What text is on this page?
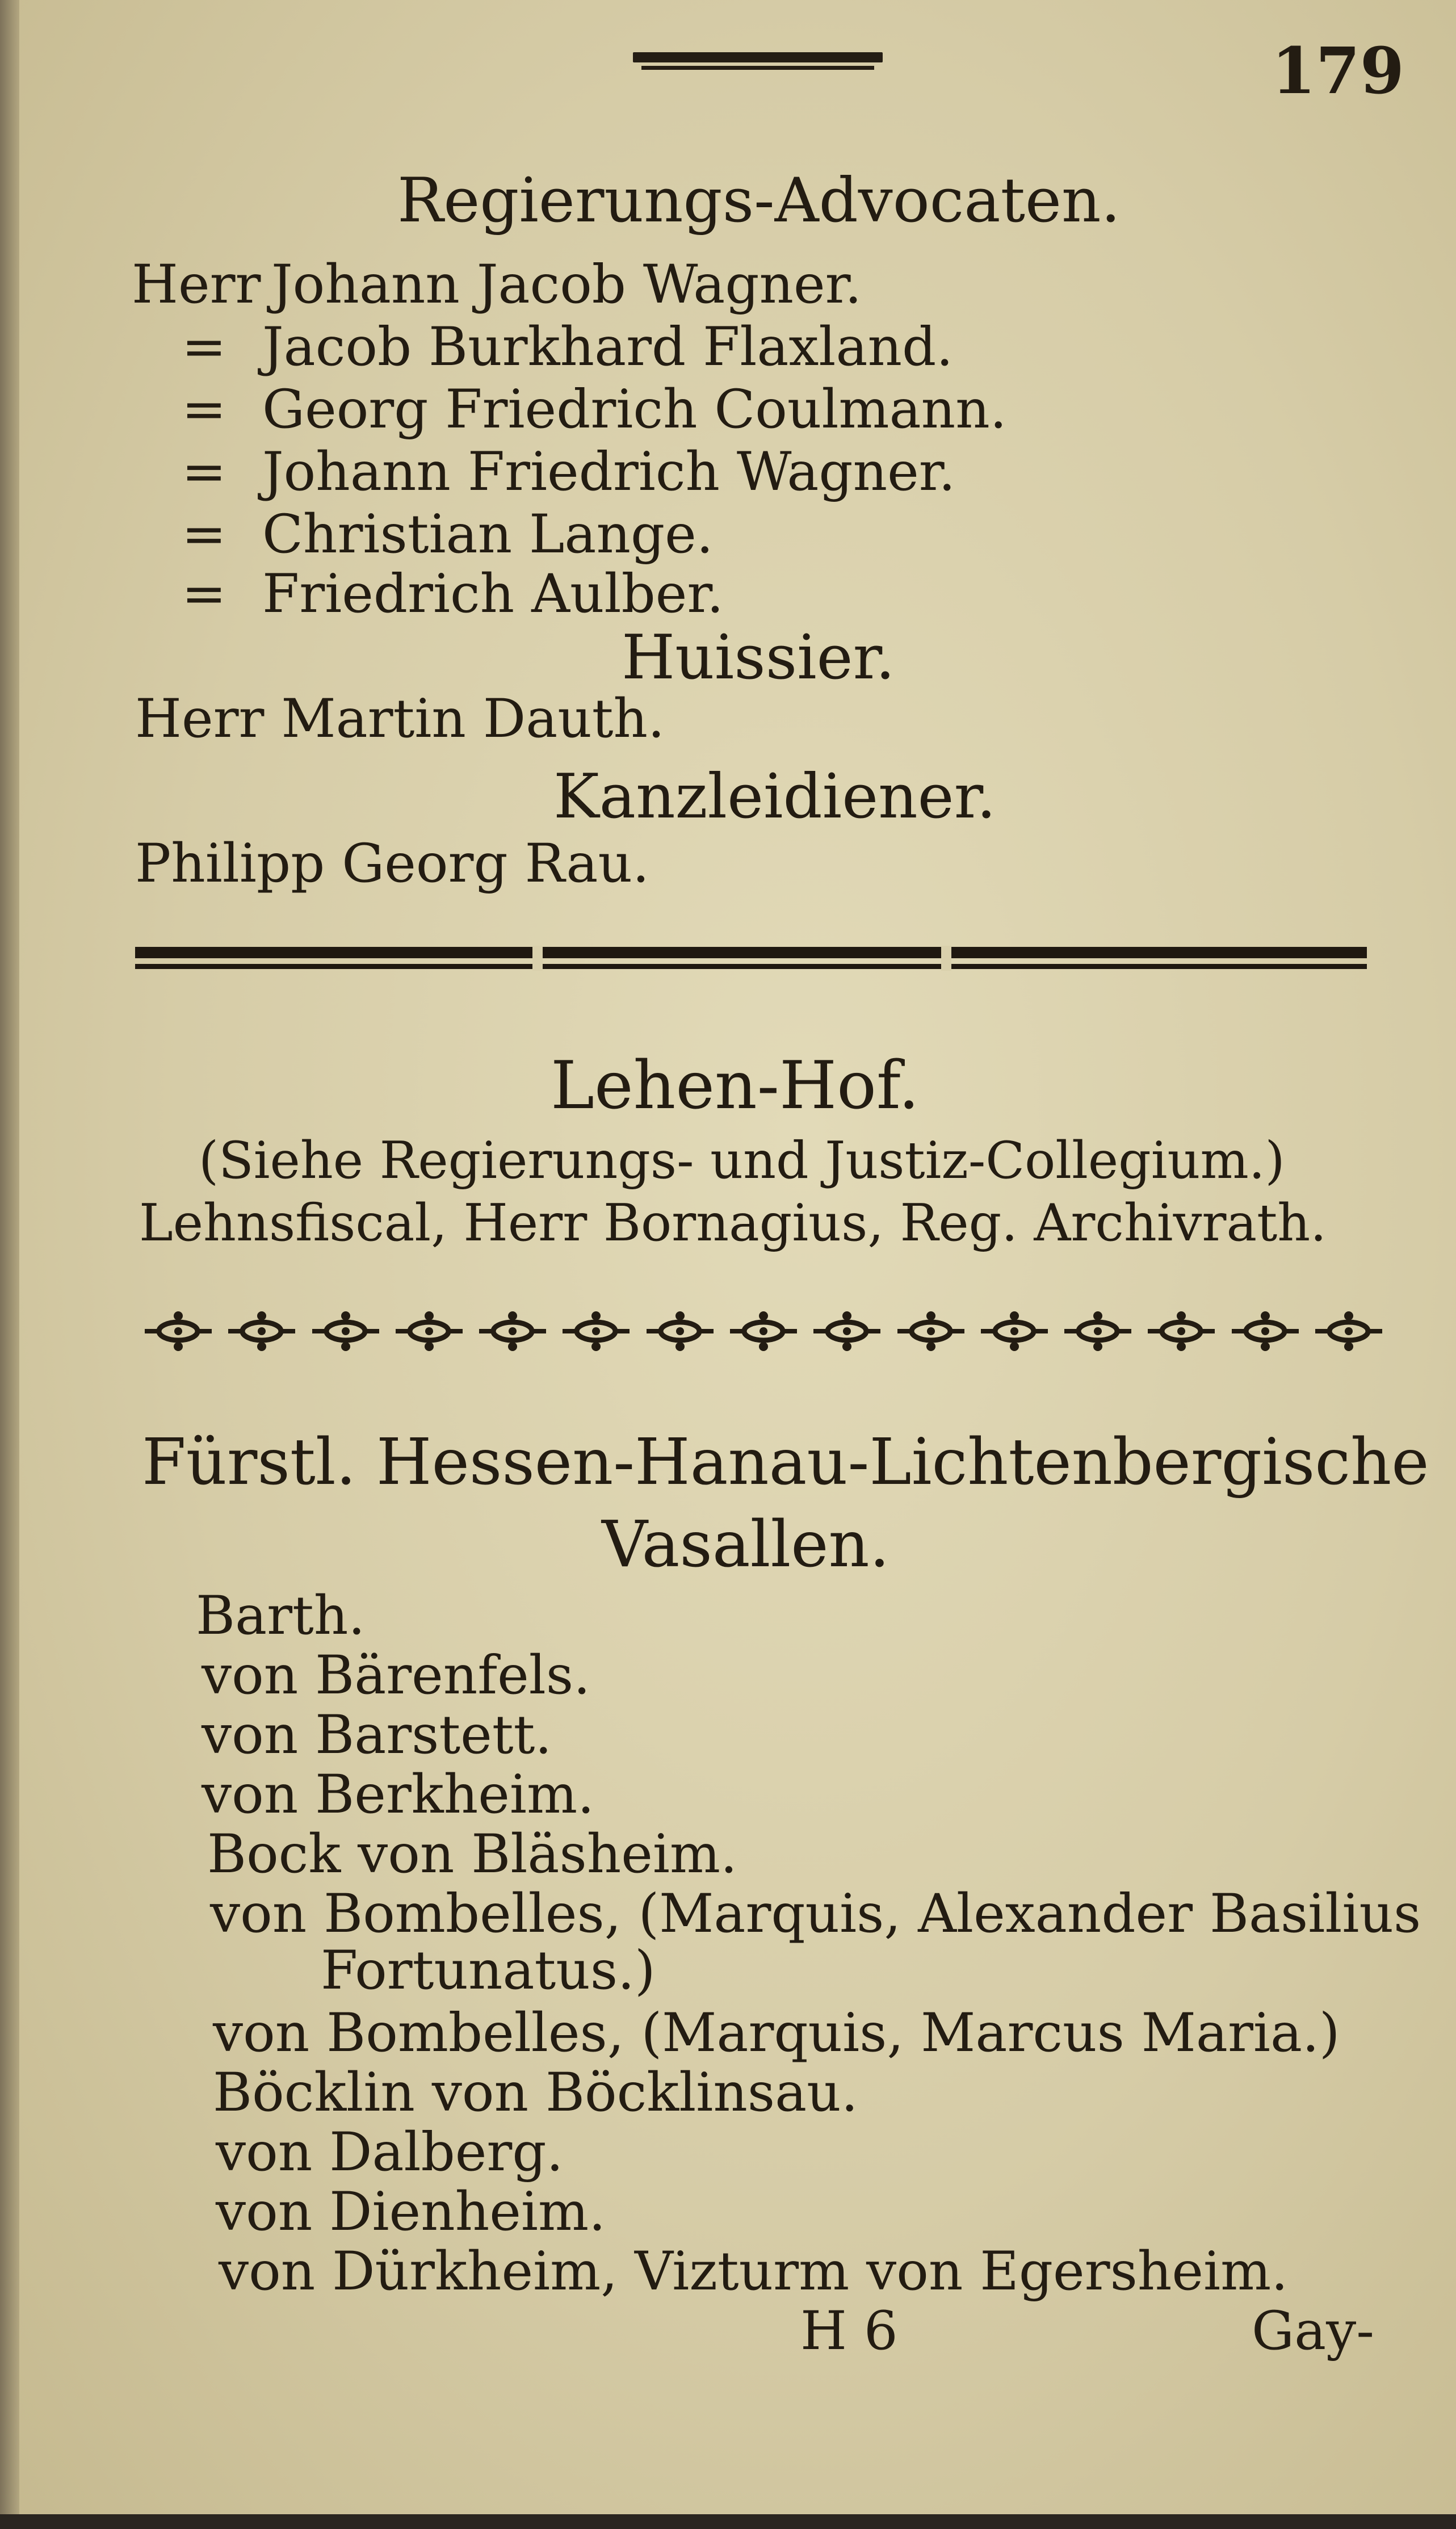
179

Regierungs-Advocaten.

Herr Johann Jacob Wagner.

= Jacob Burkhard Flaxland.

= Georg Friedrich Coulmann.

= Johann Friedrich Wagner.

= Christian Lange.

= Friedrich Aulber.

Huissier.

Herr Martin Dauth.

Kanzleidiener.

Philipp Georg Rau.

Lehen-Hof.

(Siehe Regierungs- und Justiz-Collegium.)

Lehnsfiscal, Herr Bornagius, Reg. Archivrath.

Fürstl. Hessen-Hanau-Lichtenbergische

Vasallen.

Barth.

von Bärenfels.

von Barstett.

von Berkheim.

Bock von Bläsheim.

von Bombelles, (Marquis, Alexander Basilius

Fortunatus.)

von Bombelles, (Marquis, Marcus Maria.)

Böcklin von Böcklinsau.

von Dalberg.

von Dienheim.

von Dürkheim, Vizturm von Egersheim.

H 6	Gay-
